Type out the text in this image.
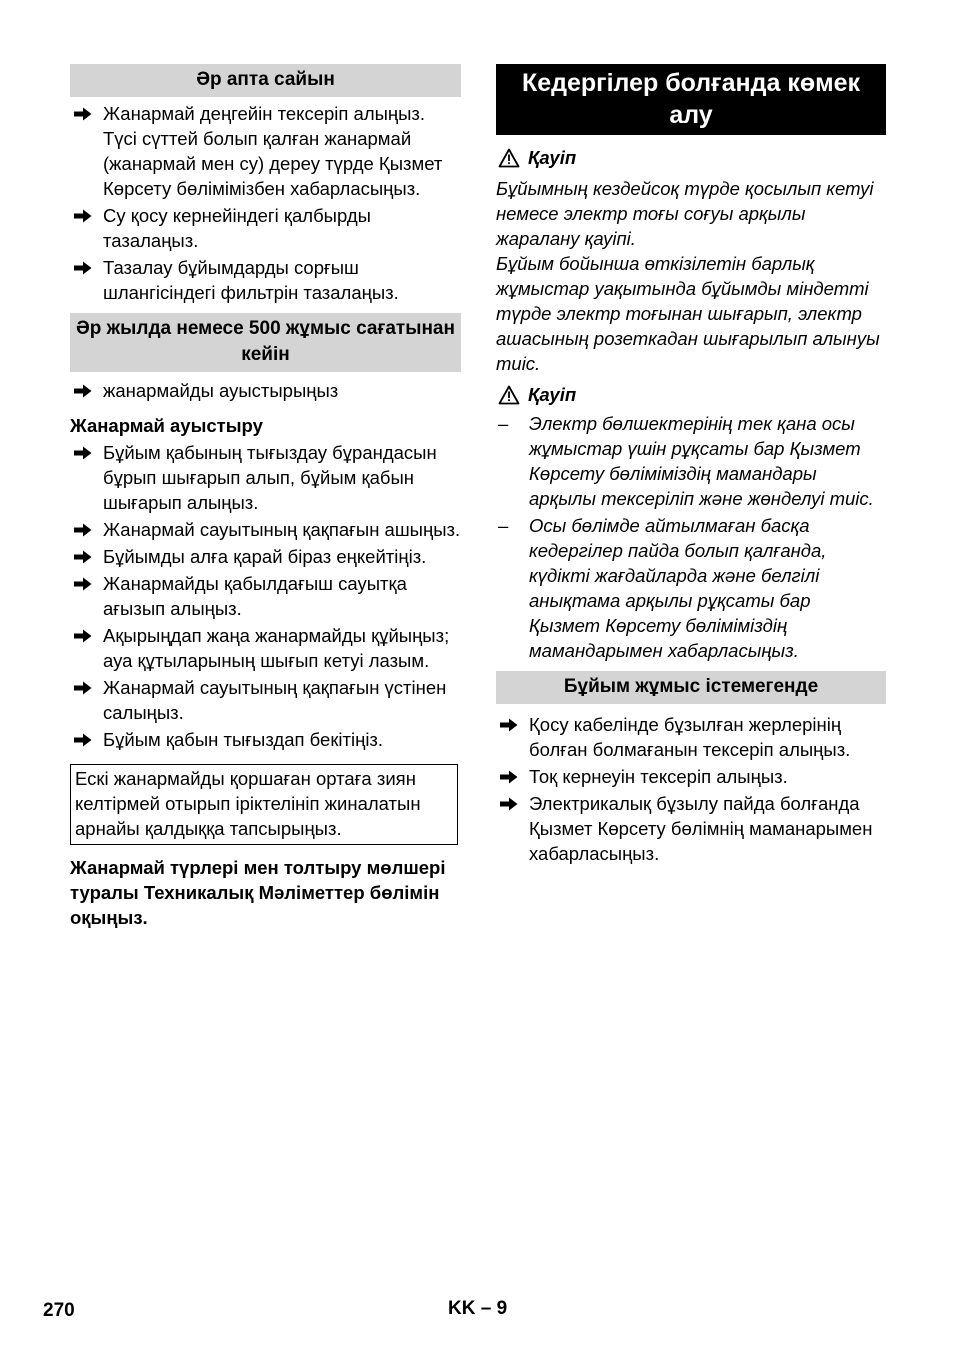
Әр апта сайын
Жанармай деңгейін тексеріп алыңыз. Түсі сүттей болып қалған жанармай (жанармай мен су) дереу түрде Қызмет Көрсету бөлімімізбен хабарласыңыз.
Су қосу кернейіндегі қалбырды тазалаңыз.
Тазалау бұйымдарды сорғыш шлангісіндегі фильтрін тазалаңыз.
Әр жылда немесе 500 жұмыс сағатынан кейін
жанармайды ауыстырыңыз
Жанармай ауыстыру
Бұйым қабының тығыздау бұрандасын бұрып шығарып алып, бұйым қабын шығарып алыңыз.
Жанармай сауытының қақпағын ашыңыз.
Бұйымды алға қарай біраз еңкейтіңіз.
Жанармайды қабылдағыш сауытқа ағызып алыңыз.
Ақырыңдап жаңа жанармайды құйыңыз; ауа құтыларының шығып кетуі лазым.
Жанармай сауытының қақпағын үстінен салыңыз.
Бұйым қабын тығыздап бекітіңіз.
Ескі жанармайды қоршаған ортаға зиян келтірмей отырып іріктелініп жиналатын арнайы қалдыққа тапсырыңыз.
Жанармай түрлері мен толтыру мөлшері туралы Техникалық Мәліметтер бөлімін оқыңыз.
Кедергілер болғанда көмек алу
Қауіп
Бұйымның кездейсоқ түрде қосылып кетуі немесе электр тоғы соғуы арқылы жаралану қауіпі.
Бұйым бойынша өткізілетін барлық жұмыстар уақытында бұйымды міндетті түрде электр тоғынан шығарып, электр ашасының розеткадан шығарылып алынуы тиіс.
Қауіп
– Электр бөлшектерінің тек қана осы жұмыстар үшін рұқсаты бар Қызмет Көрсету бөлімімiздiң мамандары арқылы тексеріліп және жөнделуі тиіс.
– Осы бөлімде айтылмаған басқа кедергілер пайда болып қалғанда, күдікті жағдайларда және белгілі анықтама арқылы рұқсаты бар Қызмет Көрсету бөлімімiздiң мамандарымен хабарласыңыз.
Бұйым жұмыс істемегенде
Қосу кабелінде бұзылған жерлерінің болған болмағанын тексеріп алыңыз.
Тоқ кернеуін тексеріп алыңыз.
Электрикалық бұзылу пайда болғанда Қызмет Көрсету бөлімнің маманарымен хабарласыңыз.
270	KK – 9
